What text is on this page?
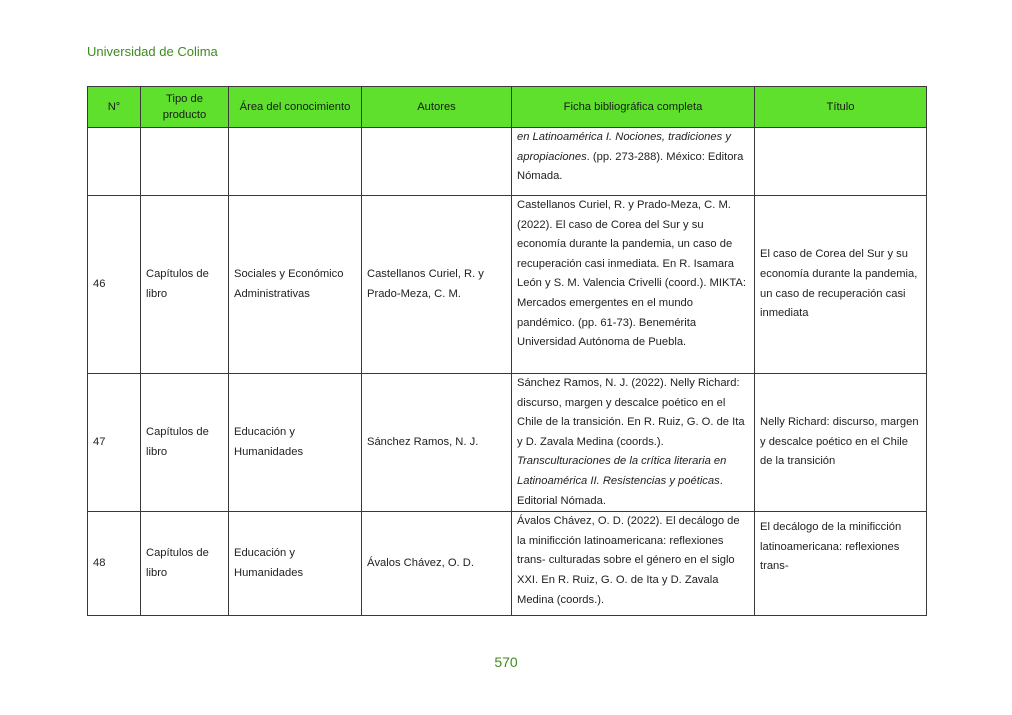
Universidad de Colima
N°	Tipo de producto	Área del conocimiento	Autores	Ficha bibliográfica completa	Título
				en Latinoamérica I. Nociones, tradiciones y apropiaciones. (pp. 273-288). México: Editora Nómada.	
46	Capítulos de libro	Sociales y Económico Administrativas	Castellanos Curiel, R. y Prado-Meza, C. M.	Castellanos Curiel, R. y Prado-Meza, C. M. (2022). El caso de Corea del Sur y su economía durante la pandemia, un caso de recuperación casi inmediata. En R. Isamara León y S. M. Valencia Crivelli (coord.). MIKTA: Mercados emergentes en el mundo pandémico. (pp. 61-73). Benemérita Universidad Autónoma de Puebla.	El caso de Corea del Sur y su economía durante la pandemia, un caso de recuperación casi inmediata
47	Capítulos de libro	Educación y Humanidades	Sánchez Ramos, N. J.	Sánchez Ramos, N. J. (2022). Nelly Richard: discurso, margen y descalce poético en el Chile de la transición. En R. Ruiz, G. O. de Ita y D. Zavala Medina (coords.). Transculturaciones de la crítica literaria en Latinoamérica II. Resistencias y poéticas. Editorial Nómada.	Nelly Richard: discurso, margen y descalce poético en el Chile de la transición
48	Capítulos de libro	Educación y Humanidades	Ávalos Chávez, O. D.	Ávalos Chávez, O. D. (2022). El decálogo de la minificción latinoamericana: reflexiones trans- culturadas sobre el género en el siglo XXI. En R. Ruiz, G. O. de Ita y D. Zavala Medina (coords.).	El decálogo de la minificción latinoamericana: reflexiones trans-
570
